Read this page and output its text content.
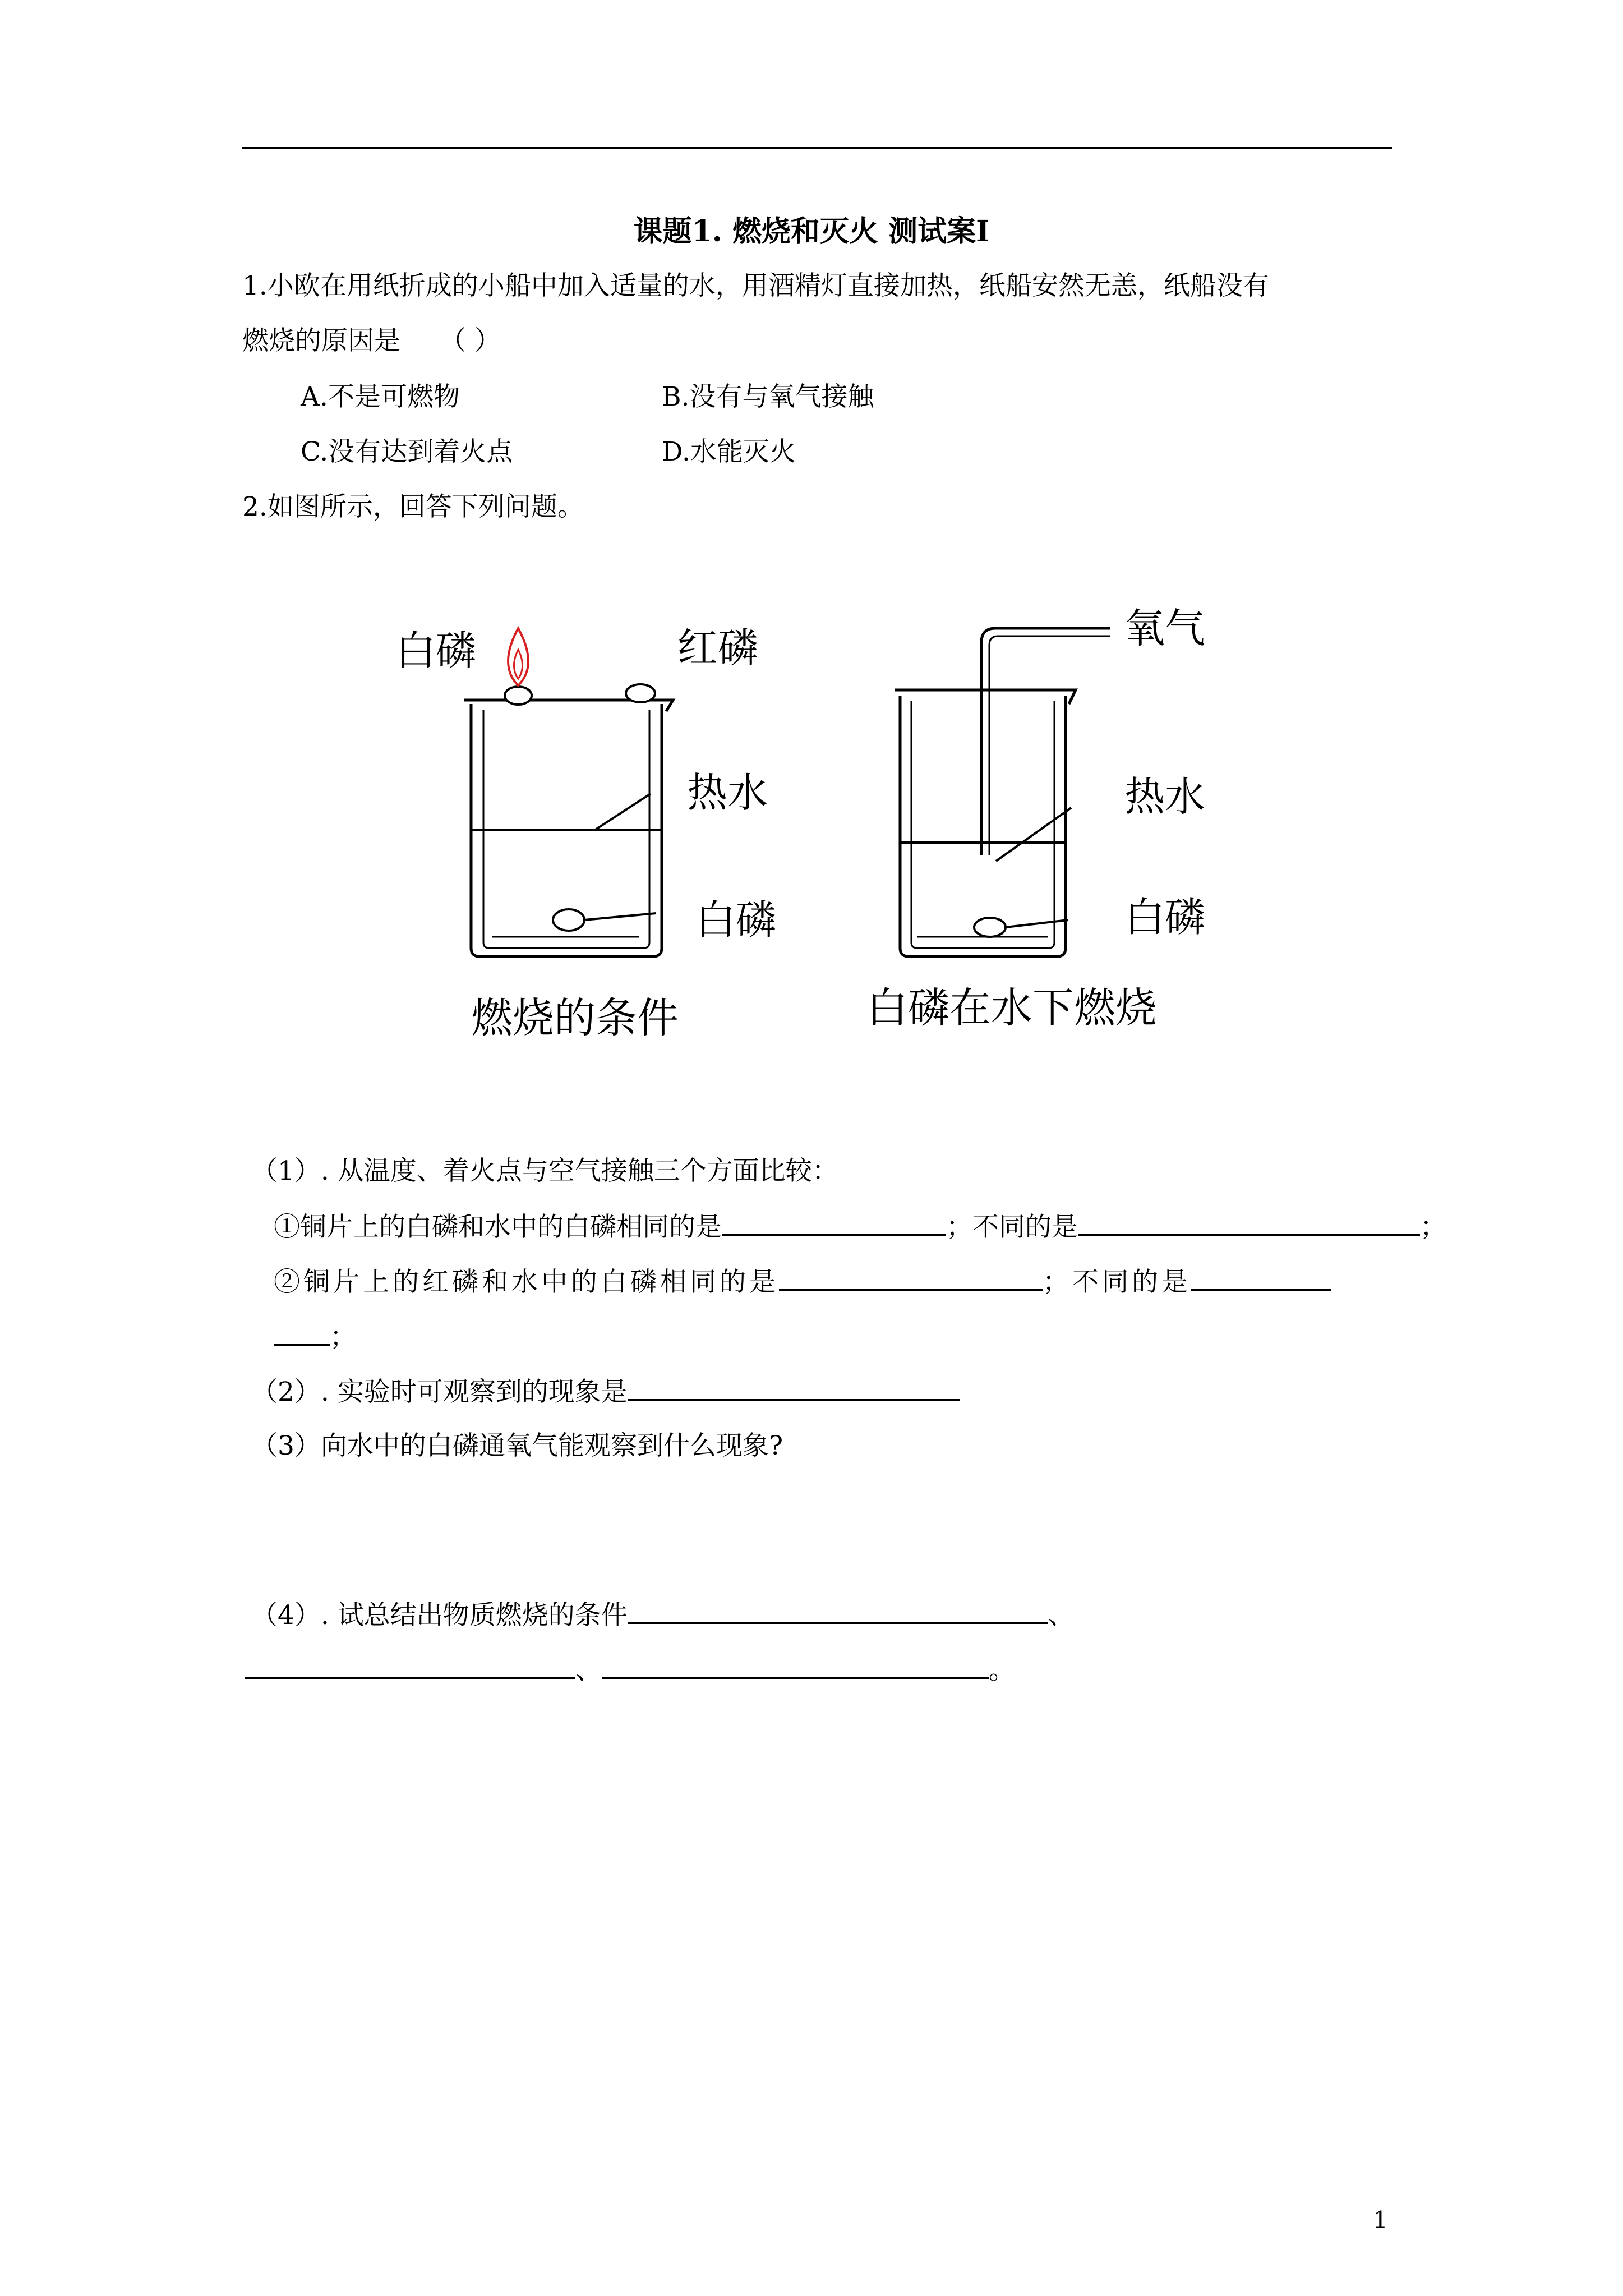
课题1. 燃烧和灭火 测试案Ⅰ
1.小欧在用纸折成的小船中加入适量的水，用酒精灯直接加热，纸船安然无恙，纸船没有
燃烧的原因是 （ ）
A.不是可燃物	B.没有与氧气接触
C.没有达到着火点	D.水能灭火
2.如图所示，回答下列问题。
白磷	红磷
热水
白磷
燃烧的条件
氧气
热水
白磷
白磷在水下燃烧
（1）. 从温度、着火点与空气接触三个方面比较：
①铜片上的白磷和水中的白磷相同的是	；不同的是	；
②铜片上的红磷和水中的白磷相同的是	；不同的是
；
（2）. 实验时可观察到的现象是
（3）向水中的白磷通氧气能观察到什么现象?
（4）. 试总结出物质燃烧的条件	、
、	。
1
